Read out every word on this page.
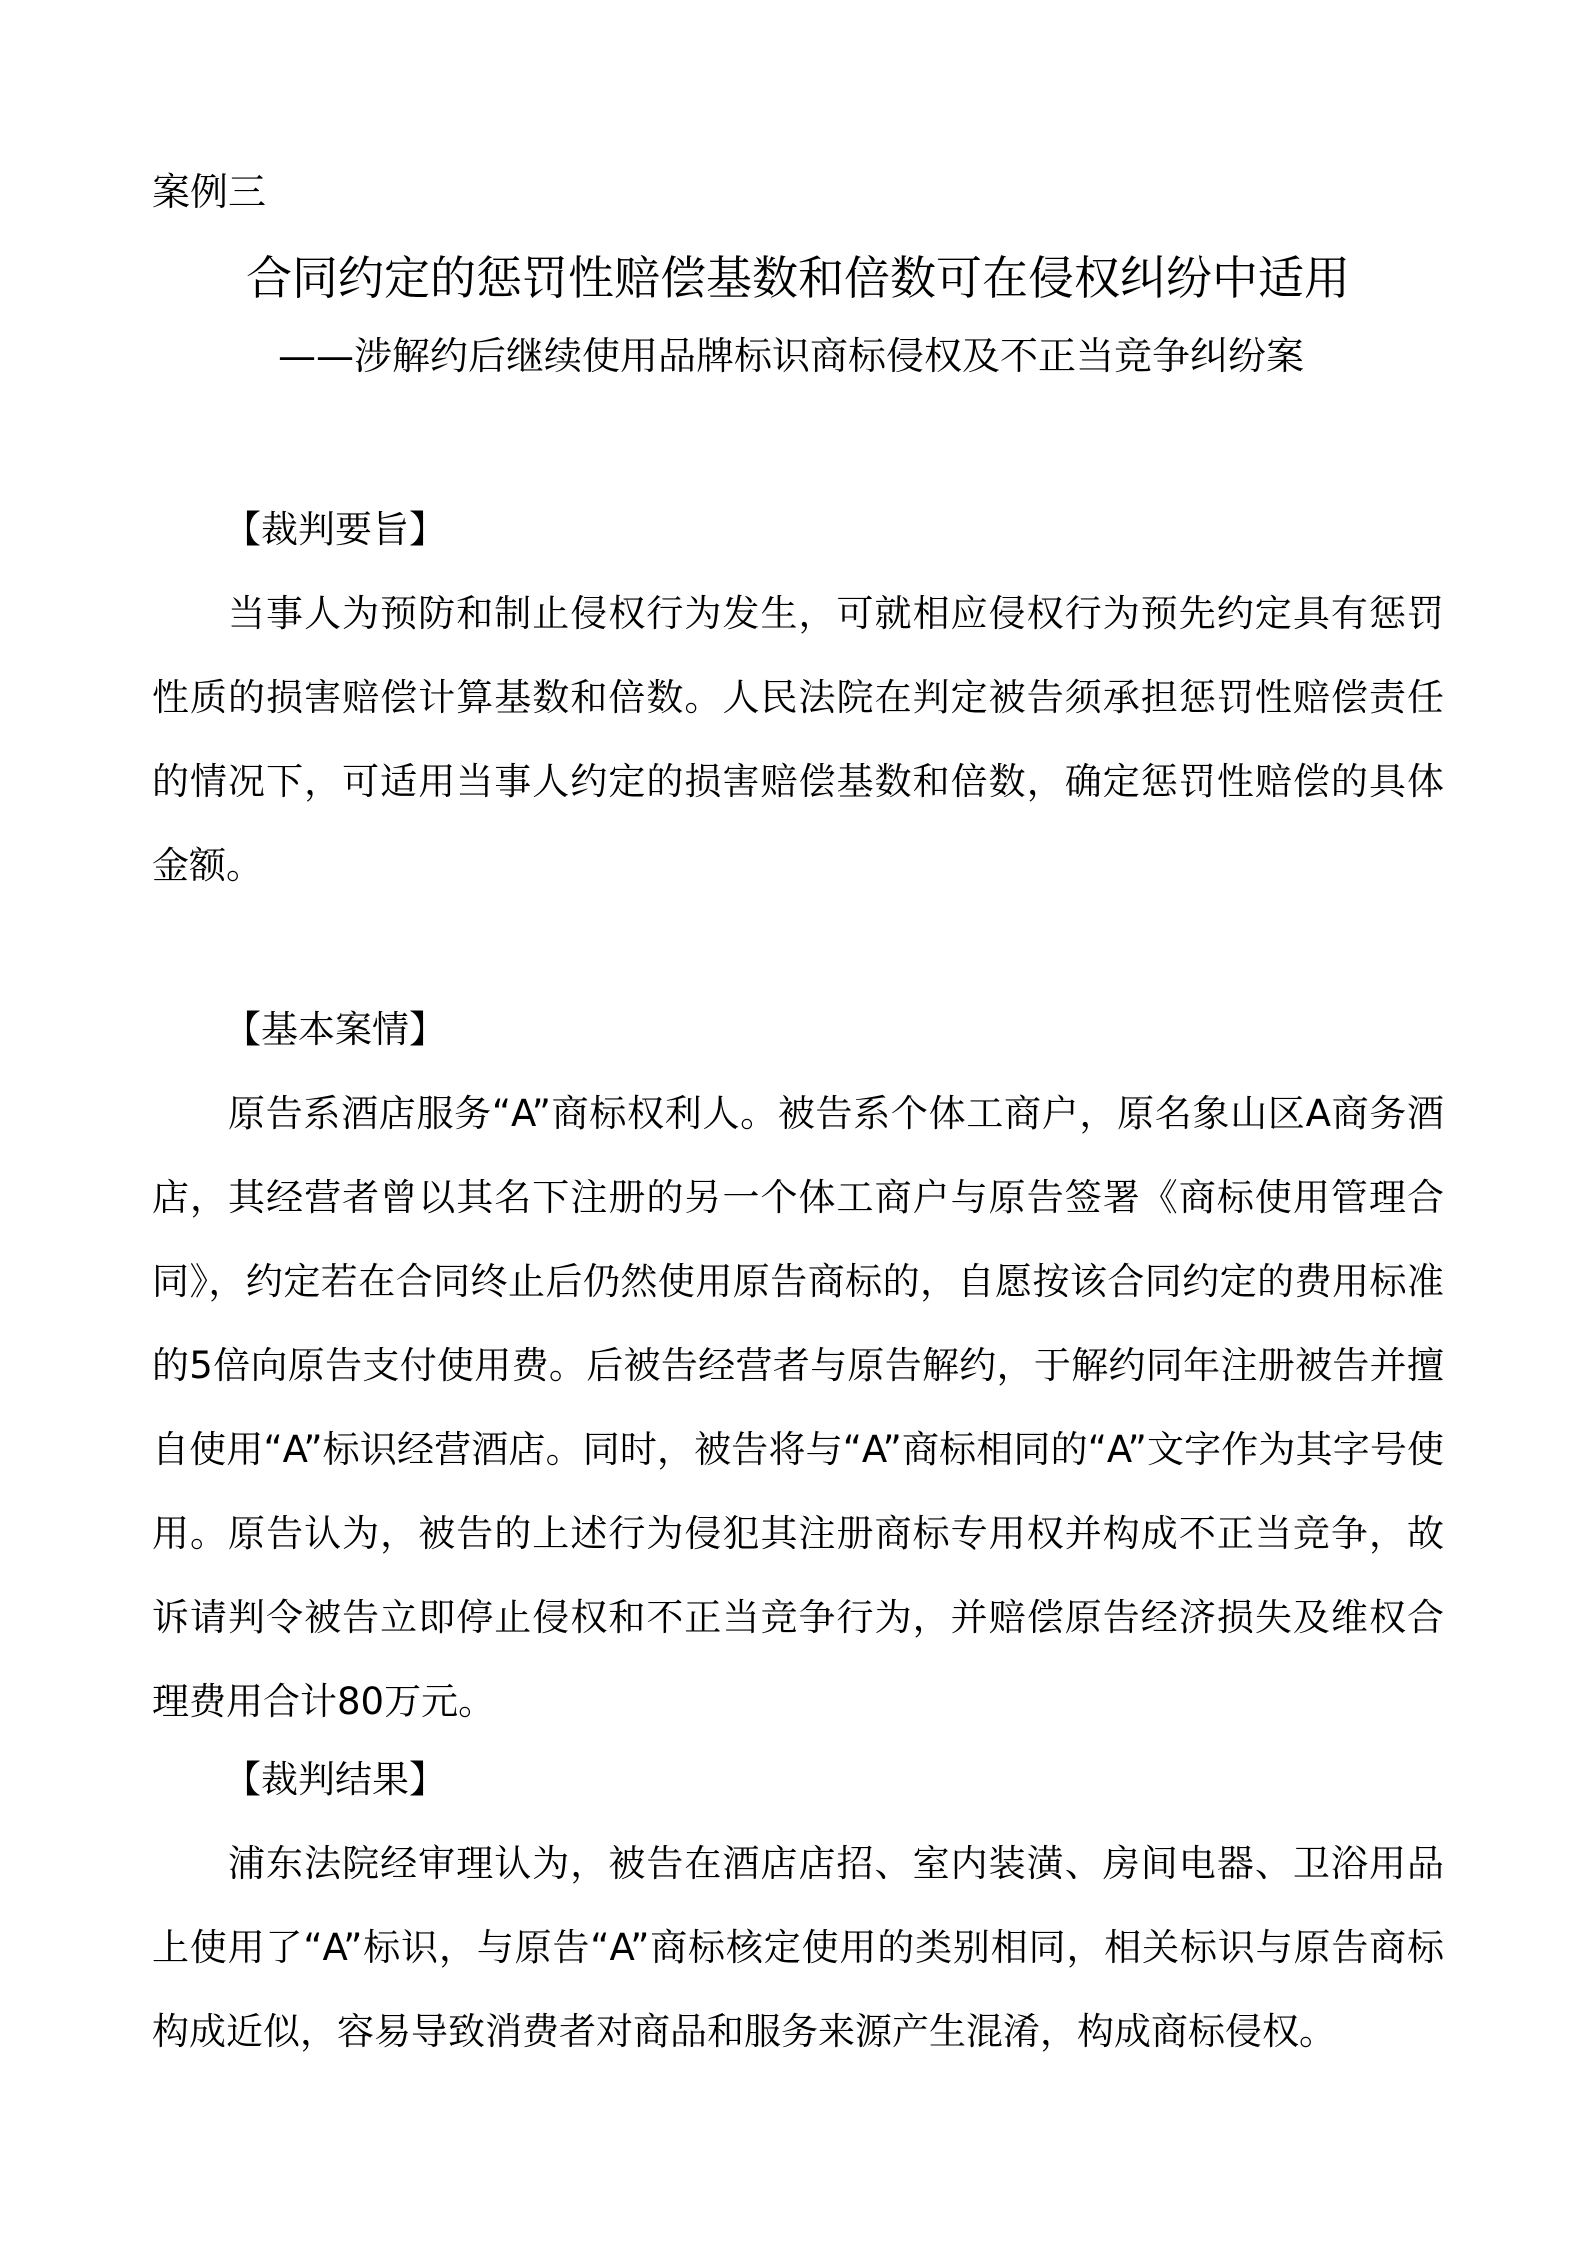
案例三
合同约定的惩罚性赔偿基数和倍数可在侵权纠纷中适用
——涉解约后继续使用品牌标识商标侵权及不正当竞争纠纷案
【裁判要旨】
当事人为预防和制止侵权行为发生，可就相应侵权行为预先约定具有惩罚性质的损害赔偿计算基数和倍数。人民法院在判定被告须承担惩罚性赔偿责任的情况下，可适用当事人约定的损害赔偿基数和倍数，确定惩罚性赔偿的具体金额。
【基本案情】
原告系酒店服务“A”商标权利人。被告系个体工商户，原名象山区A商务酒店，其经营者曾以其名下注册的另一个体工商户与原告签署《商标使用管理合同》，约定若在合同终止后仍然使用原告商标的，自愿按该合同约定的费用标准的5倍向原告支付使用费。后被告经营者与原告解约，于解约同年注册被告并擅自使用“A”标识经营酒店。同时，被告将与“A”商标相同的“A”文字作为其字号使用。原告认为，被告的上述行为侵犯其注册商标专用权并构成不正当竞争，故诉请判令被告立即停止侵权和不正当竞争行为，并赔偿原告经济损失及维权合理费用合计80万元。
【裁判结果】
浦东法院经审理认为，被告在酒店店招、室内装潢、房间电器、卫浴用品上使用了“A”标识，与原告“A”商标核定使用的类别相同，相关标识与原告商标构成近似，容易导致消费者对商品和服务来源产生混淆，构成商标侵权。
